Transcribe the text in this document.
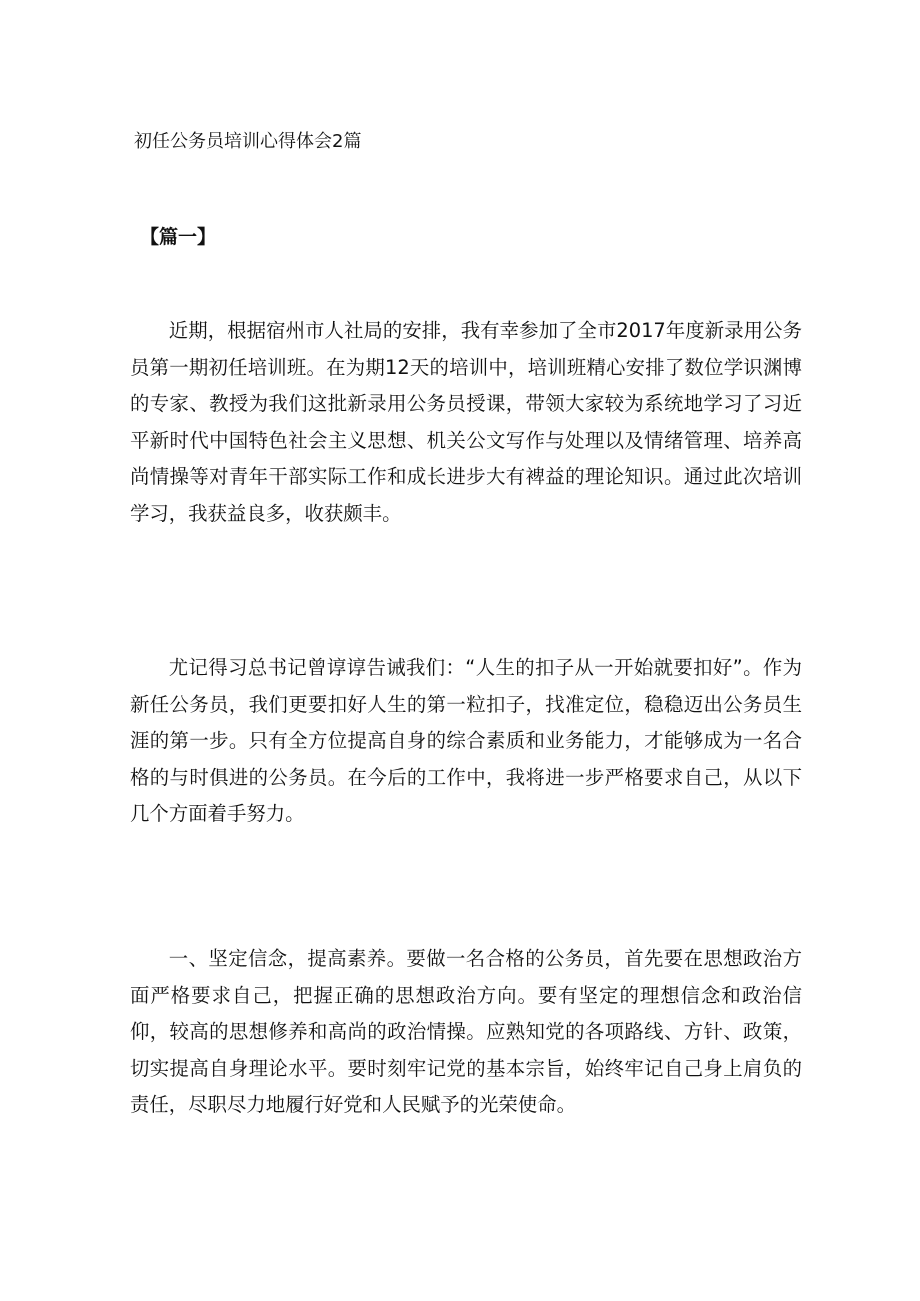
初任公务员培训心得体会2篇
【篇一】

近期，根据宿州市人社局的安排，我有幸参加了全市2017年度新录用公务员第一期初任培训班。在为期12天的培训中，培训班精心安排了数位学识渊博的专家、教授为我们这批新录用公务员授课，带领大家较为系统地学习了习近平新时代中国特色社会主义思想、机关公文写作与处理以及情绪管理、培养高尚情操等对青年干部实际工作和成长进步大有裨益的理论知识。通过此次培训学习，我获益良多，收获颇丰。

尤记得习总书记曾谆谆告诫我们：“人生的扣子从一开始就要扣好”。作为新任公务员，我们更要扣好人生的第一粒扣子，找准定位，稳稳迈出公务员生涯的第一步。只有全方位提高自身的综合素质和业务能力，才能够成为一名合格的与时俱进的公务员。在今后的工作中，我将进一步严格要求自己，从以下几个方面着手努力。

一、坚定信念，提高素养。要做一名合格的公务员，首先要在思想政治方面严格要求自己，把握正确的思想政治方向。要有坚定的理想信念和政治信仰，较高的思想修养和高尚的政治情操。应熟知党的各项路线、方针、政策，切实提高自身理论水平。要时刻牢记党的基本宗旨，始终牢记自己身上肩负的责任，尽职尽力地履行好党和人民赋予的光荣使命。
